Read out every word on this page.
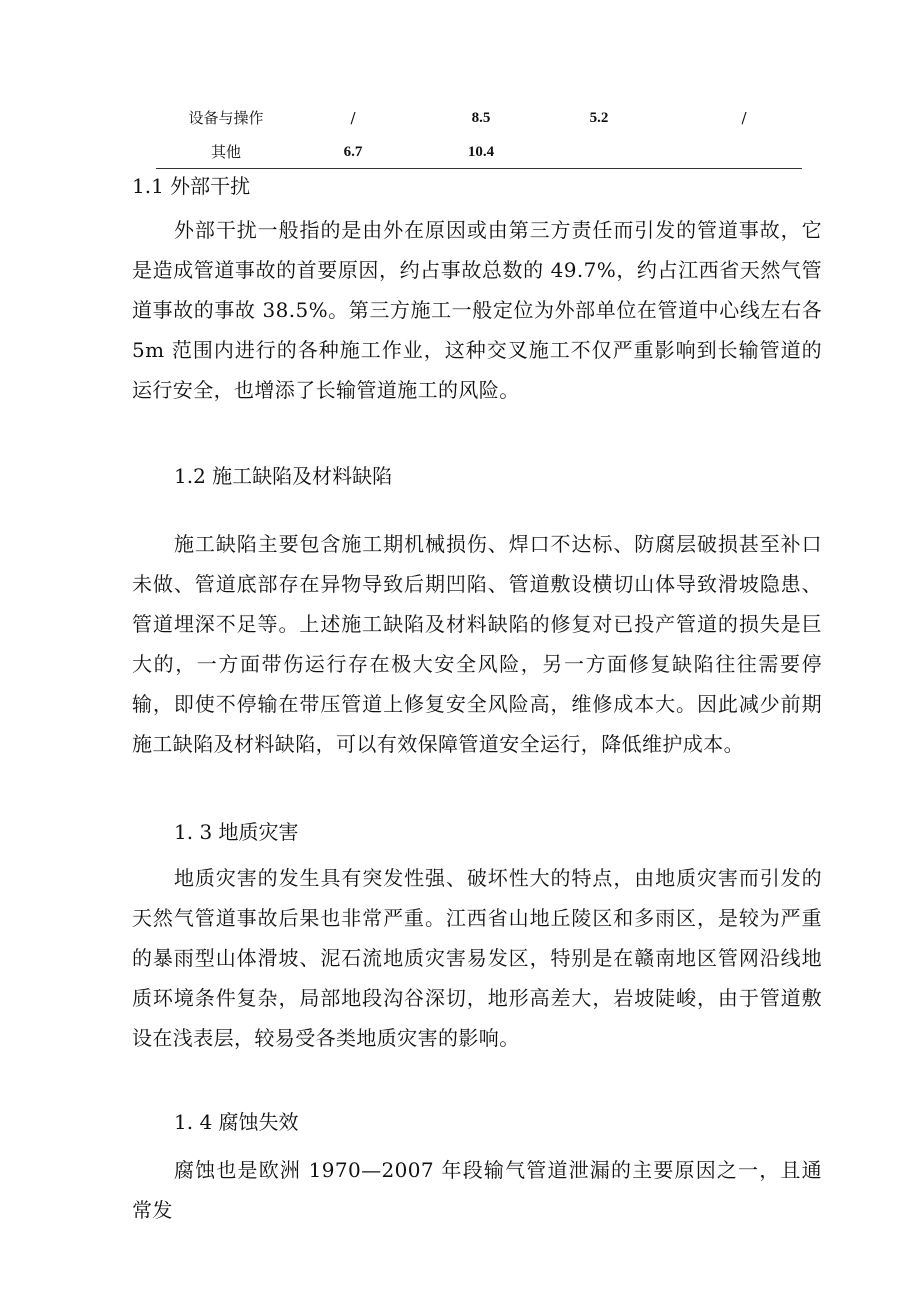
设备与操作	/	8.5	5.2	/
其他	6.7	10.4
1.1 外部干扰

外部干扰一般指的是由外在原因或由第三方责任而引发的管道事故，它是造成管道事故的首要原因，约占事故总数的 49.7%，约占江西省天然气管道事故的事故 38.5%。第三方施工一般定位为外部单位在管道中心线左右各 5m 范围内进行的各种施工作业，这种交叉施工不仅严重影响到长输管道的运行安全，也增添了长输管道施工的风险。

1.2 施工缺陷及材料缺陷

施工缺陷主要包含施工期机械损伤、焊口不达标、防腐层破损甚至补口未做、管道底部存在异物导致后期凹陷、管道敷设横切山体导致滑坡隐患、管道埋深不足等。上述施工缺陷及材料缺陷的修复对已投产管道的损失是巨大的，一方面带伤运行存在极大安全风险，另一方面修复缺陷往往需要停输，即使不停输在带压管道上修复安全风险高，维修成本大。因此减少前期施工缺陷及材料缺陷，可以有效保障管道安全运行，降低维护成本。

1. 3 地质灾害

地质灾害的发生具有突发性强、破坏性大的特点，由地质灾害而引发的天然气管道事故后果也非常严重。江西省山地丘陵区和多雨区，是较为严重的暴雨型山体滑坡、泥石流地质灾害易发区，特别是在赣南地区管网沿线地质环境条件复杂，局部地段沟谷深切，地形高差大，岩坡陡峻，由于管道敷设在浅表层，较易受各类地质灾害的影响。

1. 4 腐蚀失效

腐蚀也是欧洲 1970—2007 年段输气管道泄漏的主要原因之一，且通常发
